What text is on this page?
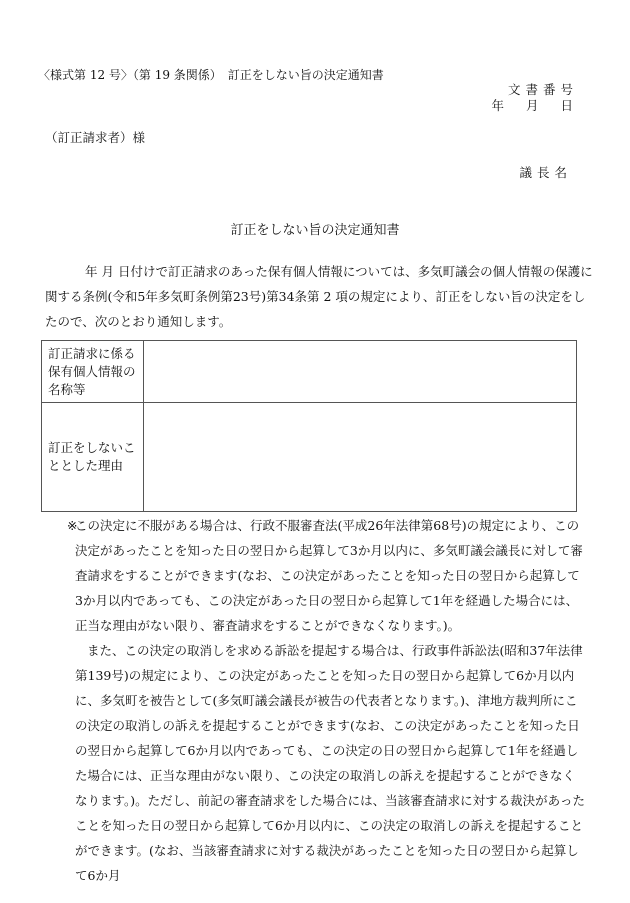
〈様式第 12 号〉（第 19 条関係）　訂正をしない旨の決定通知書
文書番号
年 月 日
（訂正請求者）様
議長名
訂正をしない旨の決定通知書
年 月 日付けで訂正請求のあった保有個人情報については、多気町議会の個人情報の保護に関する条例(令和5年多気町条例第23号)第34条第 2 項の規定により、訂正をしない旨の決定をしたので、次のとおり通知します。
訂正請求に係る保有個人情報の名称等	
訂正をしないこととした理由	

※この決定に不服がある場合は、行政不服審査法(平成26年法律第68号)の規定により、この決定があったことを知った日の翌日から起算して3か月以内に、多気町議会議長に対して審査請求をすることができます(なお、この決定があったことを知った日の翌日から起算して3か月以内であっても、この決定があった日の翌日から起算して1年を経過した場合には、正当な理由がない限り、審査請求をすることができなくなります。)。

また、この決定の取消しを求める訴訟を提起する場合は、行政事件訴訟法(昭和37年法律第139号)の規定により、この決定があったことを知った日の翌日から起算して6か月以内に、多気町を被告として(多気町議会議長が被告の代表者となります。)、津地方裁判所にこの決定の取消しの訴えを提起することができます(なお、この決定があったことを知った日の翌日から起算して6か月以内であっても、この決定の日の翌日から起算して1年を経過した場合には、正当な理由がない限り、この決定の取消しの訴えを提起することができなくなります。)。ただし、前記の審査請求をした場合には、当該審査請求に対する裁決があったことを知った日の翌日から起算して6か月以内に、この決定の取消しの訴えを提起することができます。(なお、当該審査請求に対する裁決があったことを知った日の翌日から起算して6か月
